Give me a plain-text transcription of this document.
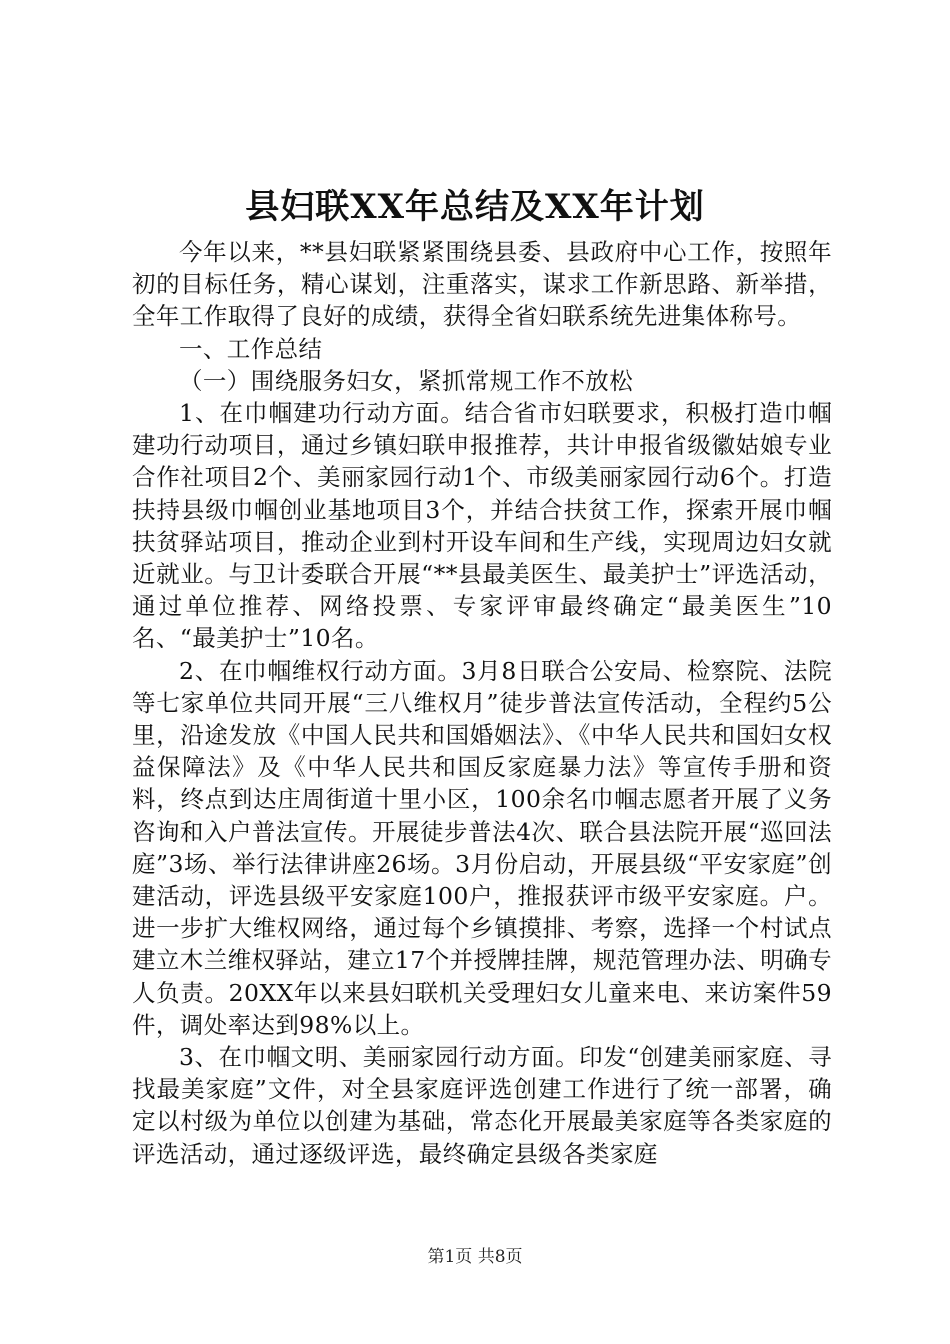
县妇联XX年总结及XX年计划

今年以来，**县妇联紧紧围绕县委、县政府中心工作，按照年初的目标任务，精心谋划，注重落实，谋求工作新思路、新举措，全年工作取得了良好的成绩，获得全省妇联系统先进集体称号。

一、工作总结

（一）围绕服务妇女，紧抓常规工作不放松

1、在巾帼建功行动方面。结合省市妇联要求，积极打造巾帼建功行动项目，通过乡镇妇联申报推荐，共计申报省级徽姑娘专业合作社项目2个、美丽家园行动1个、市级美丽家园行动6个。打造扶持县级巾帼创业基地项目3个，并结合扶贫工作，探索开展巾帼扶贫驿站项目，推动企业到村开设车间和生产线，实现周边妇女就近就业。与卫计委联合开展“**县最美医生、最美护士”评选活动，通过单位推荐、网络投票、专家评审最终确定“最美医生”10名、“最美护士”10名。

2、在巾帼维权行动方面。3月8日联合公安局、检察院、法院等七家单位共同开展“三八维权月”徒步普法宣传活动，全程约5公里，沿途发放《中国人民共和国婚姻法》、《中华人民共和国妇女权益保障法》及《中华人民共和国反家庭暴力法》等宣传手册和资料，终点到达庄周街道十里小区，100余名巾帼志愿者开展了义务咨询和入户普法宣传。开展徒步普法4次、联合县法院开展“巡回法庭”3场、举行法律讲座26场。3月份启动，开展县级“平安家庭”创建活动，评选县级平安家庭100户，推报获评市级平安家庭。户。进一步扩大维权网络，通过每个乡镇摸排、考察，选择一个村试点建立木兰维权驿站，建立17个并授牌挂牌，规范管理办法、明确专人负责。20XX年以来县妇联机关受理妇女儿童来电、来访案件59件，调处率达到98%以上。

3、在巾帼文明、美丽家园行动方面。印发“创建美丽家庭、寻找最美家庭”文件，对全县家庭评选创建工作进行了统一部署，确定以村级为单位以创建为基础，常态化开展最美家庭等各类家庭的评选活动，通过逐级评选，最终确定县级各类家庭

第1页 共8页
